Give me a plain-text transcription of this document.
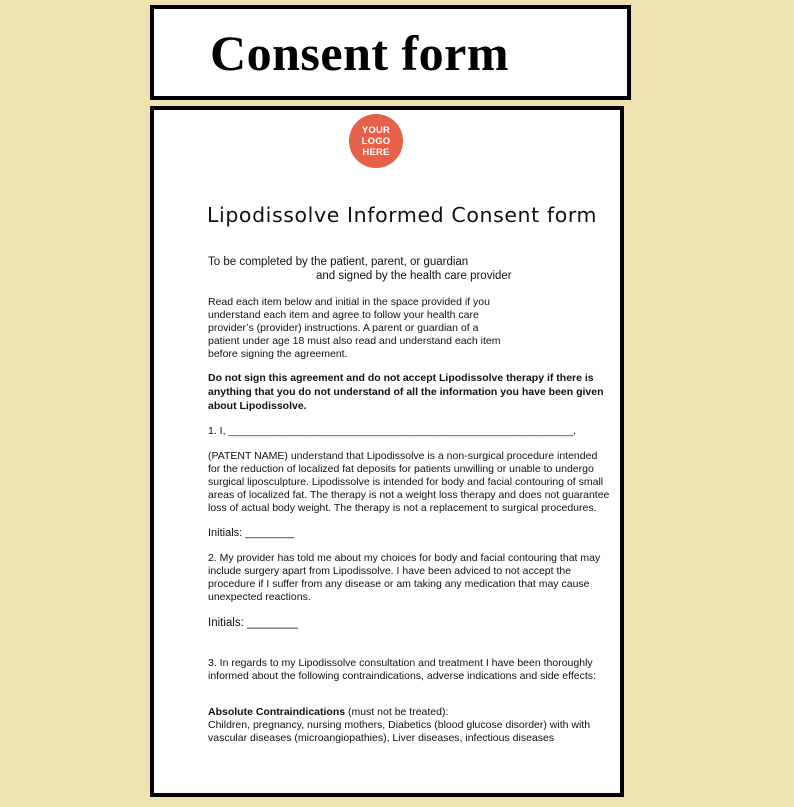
Consent form
YOUR
LOGO
HERE
Lipodissolve Informed Consent form
To be completed by the patient, parent, or guardian
and signed by the health care provider
Read each item below and initial in the space provided if you
understand each item and agree to follow your health care
provider’s (provider) instructions. A parent or guardian of a
patient under age 18 must also read and understand each item
before signing the agreement.
Do not sign this agreement and do not accept Lipodissolve therapy if there is
anything that you do not understand of all the information you have been given
about Lipodissolve.
1. I, ___________________________________________________________,
(PATENT NAME) understand that Lipodissolve is a non-surgical procedure intended
for the reduction of localized fat deposits for patients unwilling or unable to undergo
surgical liposculpture. Lipodissolve is intended for body and facial contouring of small
areas of localized fat. The therapy is not a weight loss therapy and does not guarantee
loss of actual body weight. The therapy is not a replacement to surgical procedures.
Initials: ________
2. My provider has told me about my choices for body and facial contouring that may
include surgery apart from Lipodissolve. I have been adviced to not accept the
procedure if I suffer from any disease or am taking any medication that may cause
unexpected reactions.
Initials: ________
3. In regards to my Lipodissolve consultation and treatment I have been thoroughly
informed about the following contraindications, adverse indications and side effects:
Absolute Contraindications (must not be treated):
Children, pregnancy, nursing mothers, Diabetics (blood glucose disorder) with with
vascular diseases (microangiopathies), Liver diseases, infectious diseases
